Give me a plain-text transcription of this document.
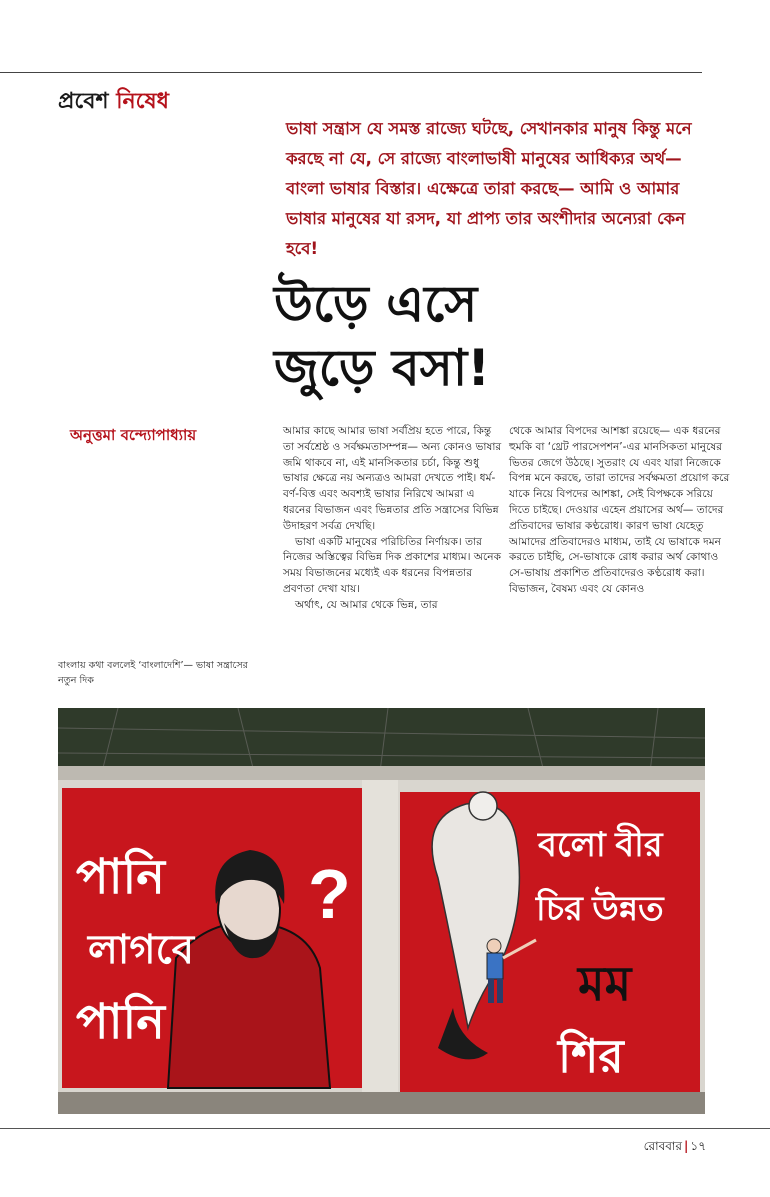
প্রবেশ নিষেধ
ভাষা সন্ত্রাস যে সমস্ত রাজ্যে ঘটছে, সেখানকার মানুষ কিন্তু মনে করছে না যে, সে রাজ্যে বাংলাভাষী মানুষের আধিক্যর অর্থ— বাংলা ভাষার বিস্তার। এক্ষেত্রে তারা করছে— আমি ও আমার ভাষার মানুষের যা রসদ, যা প্রাপ্য তার অংশীদার অন্যেরা কেন হবে!
উড়ে এসে
জুড়ে বসা!
অনুত্তমা বন্দ্যোপাধ্যায়	আমার কাছে আমার ভাষা সর্বপ্রিয় হতে পারে, কিন্তু তা সর্বশ্রেষ্ঠ ও সর্বক্ষমতাসম্পন্ন— অন্য কোনও ভাষার জমি থাকবে না, এই মানসিকতার চর্চা, কিন্তু শুধু ভাষার ক্ষেত্রে নয় অন্যত্রও আমরা দেখতে পাই। ধর্ম-বর্ণ-বিত্ত এবং অবশ্যই ভাষার নিরিখে আমরা এ ধরনের বিভাজন এবং ভিন্নতার প্রতি সন্ত্রাসের বিভিন্ন উদাহরণ সর্বত্র দেখছি।

ভাষা একটি মানুষের পরিচিতির নির্ণায়ক। তার নিজের অস্তিত্বের বিভিন্ন দিক প্রকাশের মাধ্যম। অনেক সময় বিভাজনের মধ্যেই এক ধরনের বিপন্নতার প্রবণতা দেখা যায়।

অর্থাৎ, যে আমার থেকে ভিন্ন, তার

থেকে আমার বিপদের আশঙ্কা রয়েছে— এক ধরনের হুমকি বা ‘থ্রেট পারসেপশন’-এর মানসিকতা মানুষের ভিতর জেগে উঠছে। সুতরাং যে এবং যারা নিজেকে বিপন্ন মনে করছে, তারা তাদের সর্বক্ষমতা প্রয়োগ করে যাকে নিয়ে বিপদের আশঙ্কা, সেই বিপক্ষকে সরিয়ে দিতে চাইছে। দেওয়ার এহেন প্রয়াসের অর্থ— তাদের প্রতিবাদের ভাষার কণ্ঠরোধ। কারণ ভাষা যেহেতু আমাদের প্রতিবাদেরও মাধ্যম, তাই যে ভাষাকে দমন করতে চাইছি, সে-ভাষাকে রোধ করার অর্থ কোথাও সে-ভাষায় প্রকাশিত প্রতিবাদেরও কণ্ঠরোধ করা। বিভাজন, বৈষম্য এবং যে কোনও

বাংলায় কথা বললেই ‘বাংলাদেশি’— ভাষা সন্ত্রাসের নতুন দিক
পানি
লাগবে
পানি
?
বলো বীর
চির উন্নত
মম
শির
রোববার | ১৭
